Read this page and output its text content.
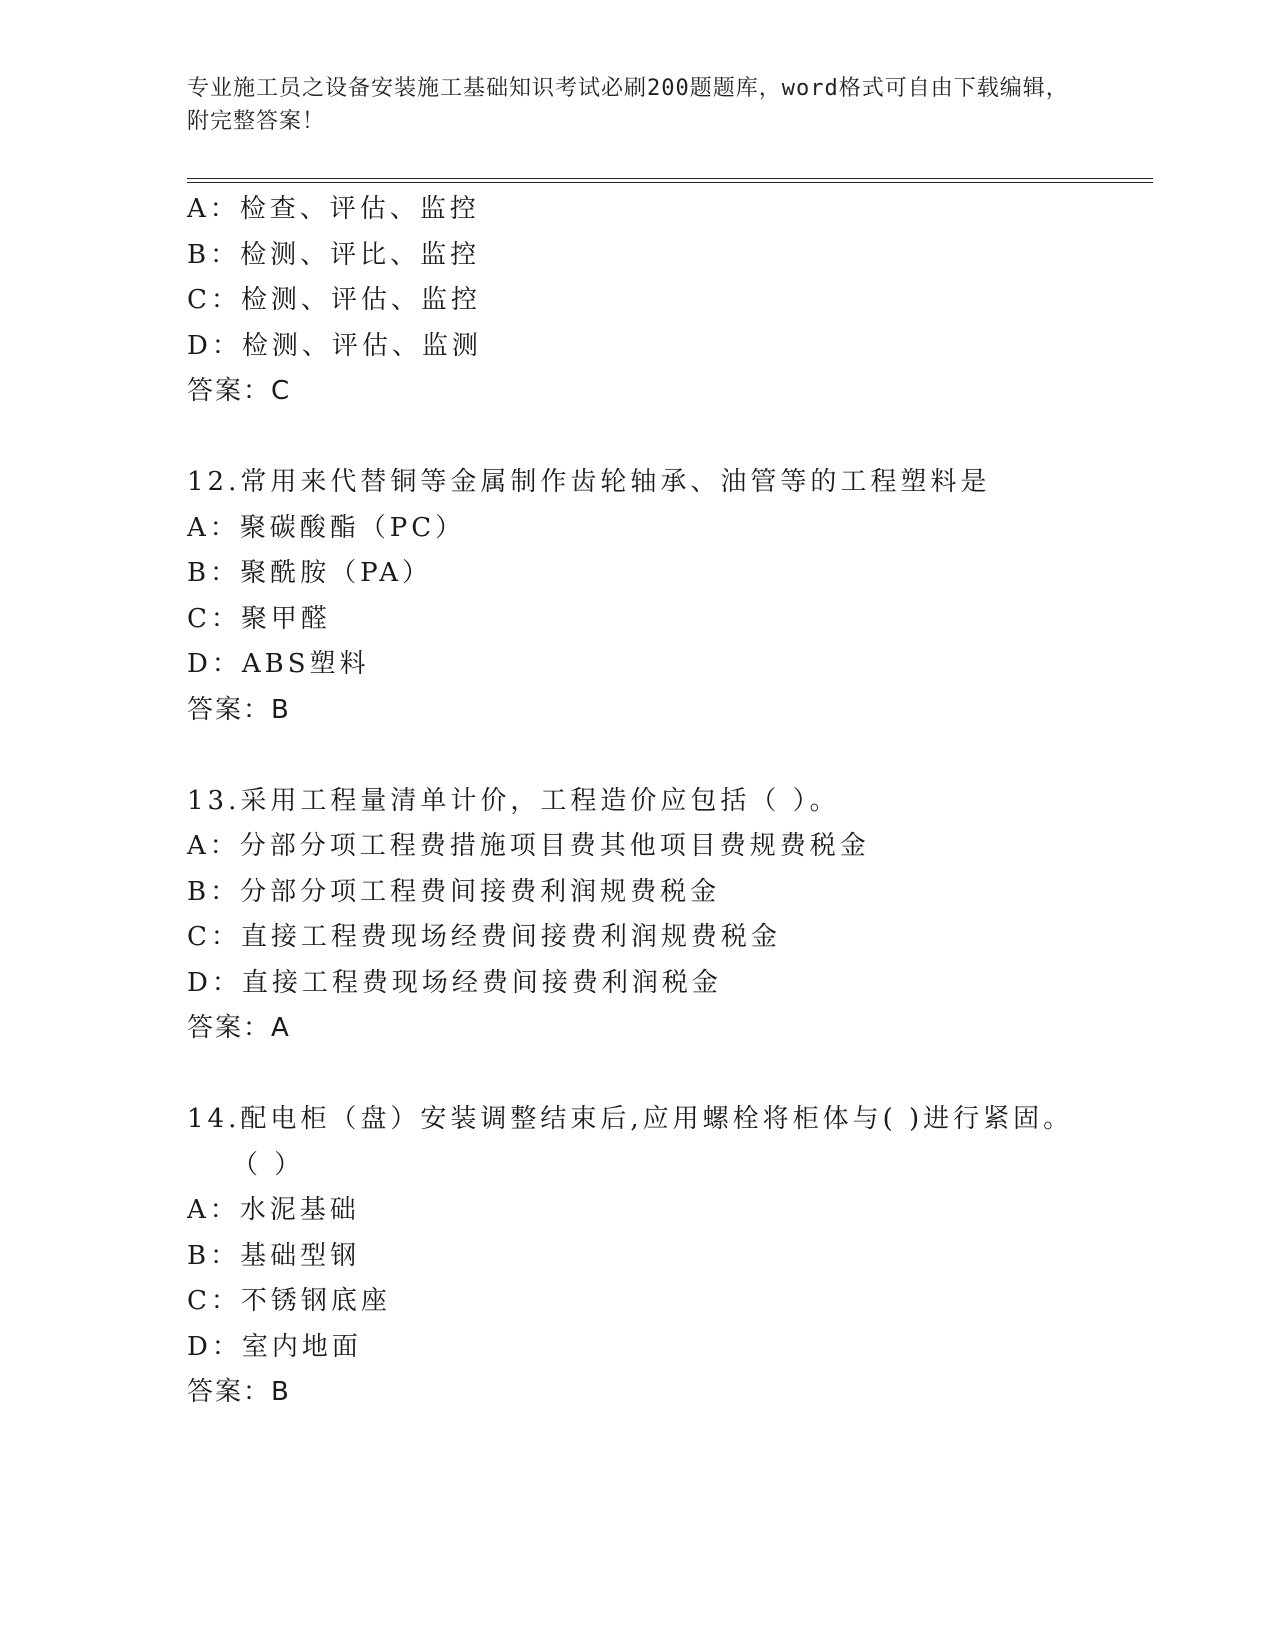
专业施工员之设备安装施工基础知识考试必刷200题题库，word格式可自由下载编辑，附完整答案！
A：检查、评估、监控
B：检测、评比、监控
C：检测、评估、监控
D：检测、评估、监测
答案：C
12.常用来代替铜等金属制作齿轮轴承、油管等的工程塑料是
A：聚碳酸酯（PC）
B：聚酰胺（PA）
C：聚甲醛
D：ABS塑料
答案：B
13.采用工程量清单计价，工程造价应包括（ ）。
A：分部分项工程费措施项目费其他项目费规费税金
B：分部分项工程费间接费利润规费税金
C：直接工程费现场经费间接费利润规费税金
D：直接工程费现场经费间接费利润税金
答案：A
14.配电柜（盘）安装调整结束后,应用螺栓将柜体与( )进行紧固。（ ）
A：水泥基础
B：基础型钢
C：不锈钢底座
D：室内地面
答案：B
